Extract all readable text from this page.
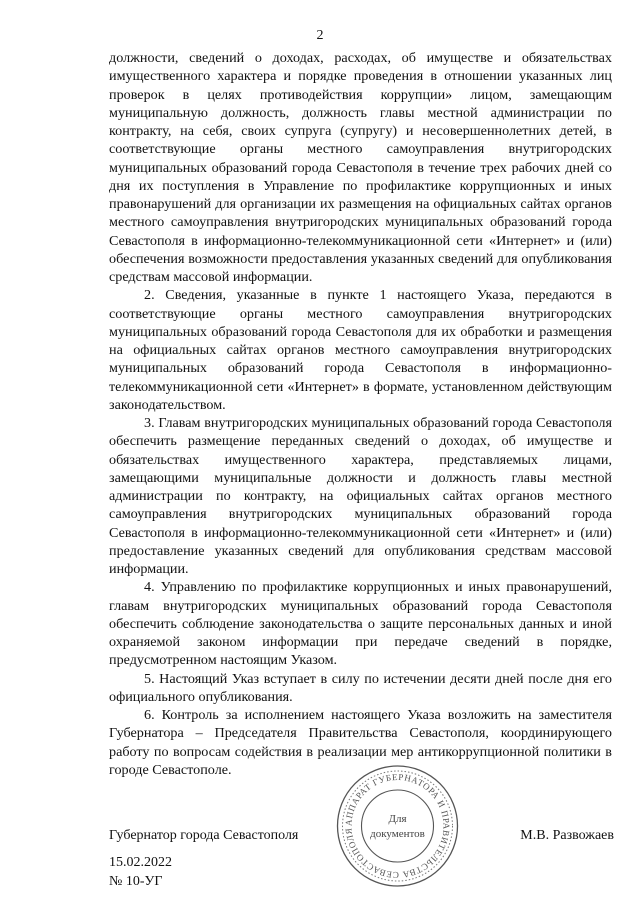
2

должности, сведений о доходах, расходах, об имуществе и обязательствах имущественного характера и порядке проведения в отношении указанных лиц проверок в целях противодействия коррупции» лицом, замещающим муниципальную должность, должность главы местной администрации по контракту, на себя, своих супруга (супругу) и несовершеннолетних детей, в соответствующие органы местного самоуправления внутригородских муниципальных образований города Севастополя в течение трех рабочих дней со дня их поступления в Управление по профилактике коррупционных и иных правонарушений для организации их размещения на официальных сайтах органов местного самоуправления внутригородских муниципальных образований города Севастополя в информационно-телекоммуникационной сети «Интернет» и (или) обеспечения возможности предоставления указанных сведений для опубликования средствам массовой информации.

2. Сведения, указанные в пункте 1 настоящего Указа, передаются в соответствующие органы местного самоуправления внутригородских муниципальных образований города Севастополя для их обработки и размещения на официальных сайтах органов местного самоуправления внутригородских муниципальных образований города Севастополя в информационно-телекоммуникационной сети «Интернет» в формате, установленном действующим законодательством.

3. Главам внутригородских муниципальных образований города Севастополя обеспечить размещение переданных сведений о доходах, об имуществе и обязательствах имущественного характера, представляемых лицами, замещающими муниципальные должности и должность главы местной администрации по контракту, на официальных сайтах органов местного самоуправления внутригородских муниципальных образований города Севастополя в информационно-телекоммуникационной сети «Интернет» и (или) предоставление указанных сведений для опубликования средствам массовой информации.

4. Управлению по профилактике коррупционных и иных правонарушений, главам внутригородских муниципальных образований города Севастополя обеспечить соблюдение законодательства о защите персональных данных и иной охраняемой законом информации при передаче сведений в порядке, предусмотренном настоящим Указом.

5. Настоящий Указ вступает в силу по истечении десяти дней после дня его официального опубликования.

6. Контроль за исполнением настоящего Указа возложить на заместителя Губернатора – Председателя Правительства Севастополя, координирующего работу по вопросам содействия в реализации мер антикоррупционной политики в городе Севастополе.

Губернатор города Севастополя	М.В. Развожаев
15.02.2022
№ 10-УГ
АППАРАТ ГУБЕРНАТОРА И ПРАВИТЕЛЬСТВА СЕВАСТОПОЛЯ
Для
документов
